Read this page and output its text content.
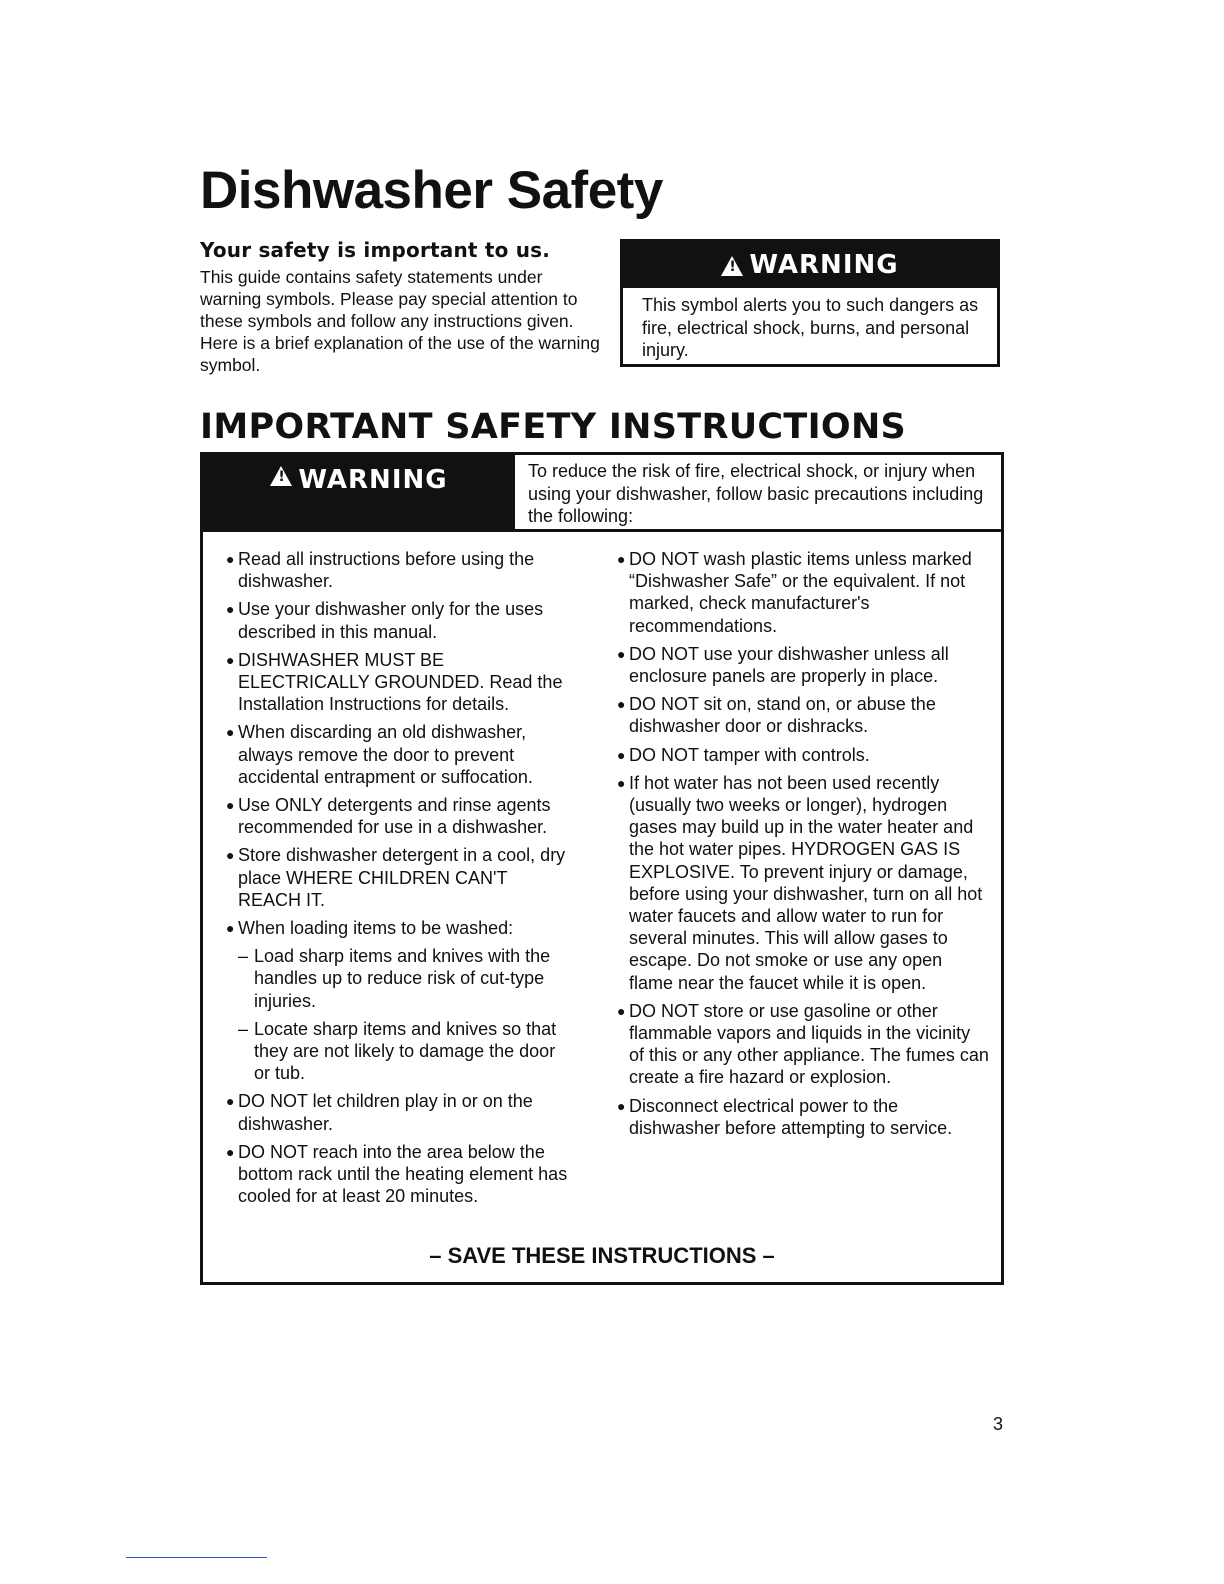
Dishwasher Safety

Your safety is important to us.

This guide contains safety statements under warning symbols. Please pay special attention to these symbols and follow any instructions given. Here is a brief explanation of the use of the warning symbol.

! WARNING

This symbol alerts you to such dangers as fire, electrical shock, burns, and personal injury.

IMPORTANT SAFETY INSTRUCTIONS
! WARNING	To reduce the risk of fire, electrical shock, or injury when using your dishwasher, follow basic precautions including the following:

● Read all instructions before using the dishwasher.
● Use your dishwasher only for the uses described in this manual.
● DISHWASHER MUST BE ELECTRICALLY GROUNDED. Read the Installation Instructions for details.
● When discarding an old dishwasher, always remove the door to prevent accidental entrapment or suffocation.
● Use ONLY detergents and rinse agents recommended for use in a dishwasher.
● Store dishwasher detergent in a cool, dry place WHERE CHILDREN CAN'T REACH IT.
● When loading items to be washed:
– Load sharp items and knives with the handles up to reduce risk of cut-type injuries.
– Locate sharp items and knives so that they are not likely to damage the door or tub.
● DO NOT let children play in or on the dishwasher.
● DO NOT reach into the area below the bottom rack until the heating element has cooled for at least 20 minutes.
● DO NOT wash plastic items unless marked “Dishwasher Safe” or the equivalent. If not marked, check manufacturer's recommendations.
● DO NOT use your dishwasher unless all enclosure panels are properly in place.
● DO NOT sit on, stand on, or abuse the dishwasher door or dishracks.
● DO NOT tamper with controls.
● If hot water has not been used recently (usually two weeks or longer), hydrogen gases may build up in the water heater and the hot water pipes. HYDROGEN GAS IS EXPLOSIVE. To prevent injury or damage, before using your dishwasher, turn on all hot water faucets and allow water to run for several minutes. This will allow gases to escape. Do not smoke or use any open flame near the faucet while it is open.
● DO NOT store or use gasoline or other flammable vapors and liquids in the vicinity of this or any other appliance. The fumes can create a fire hazard or explosion.
● Disconnect electrical power to the dishwasher before attempting to service.

– SAVE THESE INSTRUCTIONS –

3
